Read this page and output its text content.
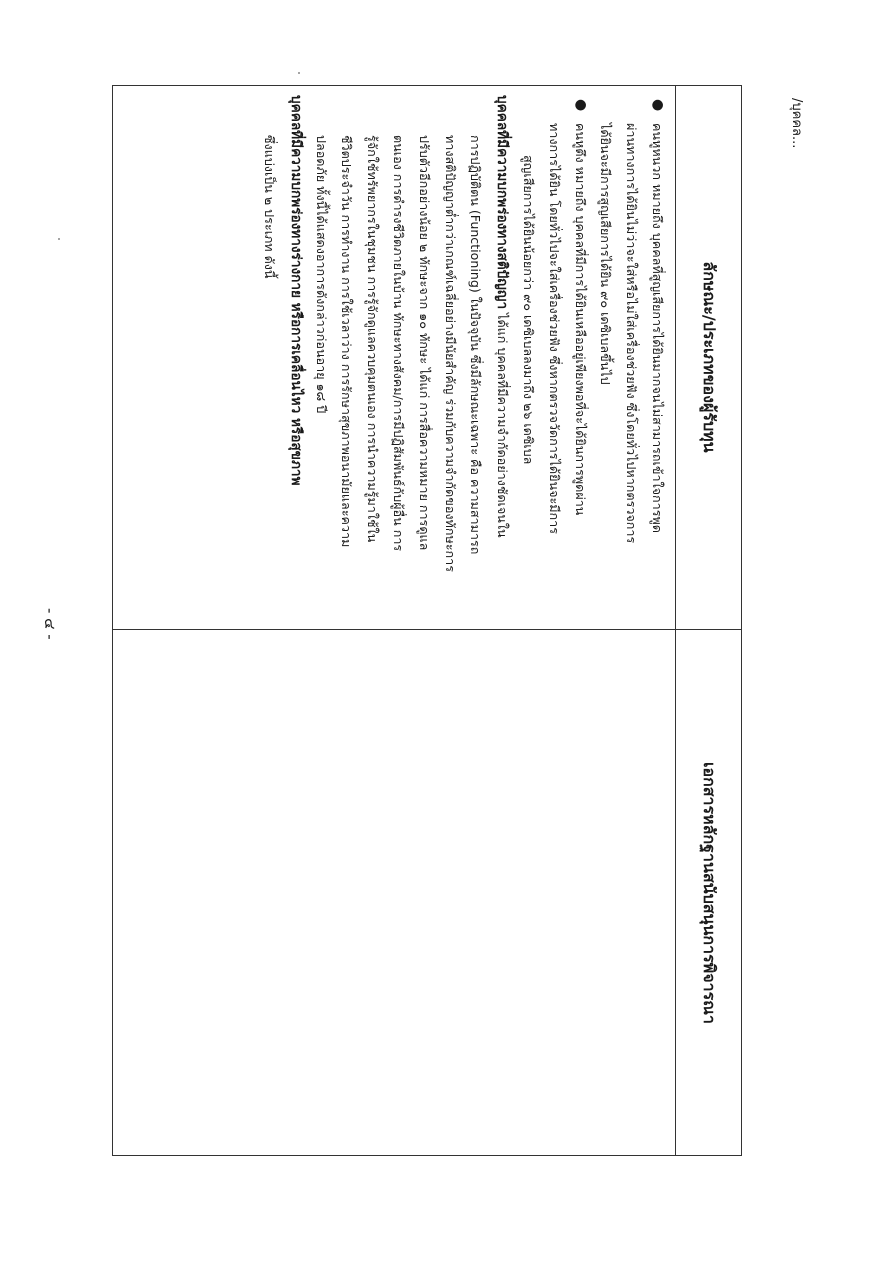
- ๔ -
/บุคคล...
ลักษณะ/ประเภทของผู้รับทุน
เอกสารหลักฐานสนับสนุนการพิจารณา
●
คนหูหนวก หมายถึง บุคคลที่สูญเสียการได้ยินมากจนไม่สามารถเข้าใจการพูด
ผ่านทางการได้ยินไม่ว่าจะใส่หรือไม่ใส่เครื่องช่วยฟัง ซึ่งโดยทั่วไปหากตรวจการ
ได้ยินจะมีการสูญเสียการได้ยิน ๙๐ เดซิเบลขึ้นไป
●
คนหูตึง หมายถึง บุคคลที่มีการได้ยินเหลืออยู่เพียงพอที่จะได้ยินการพูดผ่าน
ทางการได้ยิน โดยทั่วไปจะใส่เครื่องช่วยฟัง ซึ่งหากตรวจวัดการได้ยินจะมีการ
สูญเสียการได้ยินน้อยกว่า ๙๐ เดซิเบลลงมาถึง ๒๖ เดซิเบล
บุคคลที่มีความบกพร่องทางสติปัญญา ได้แก่ บุคคลที่มีความจำกัดอย่างชัดเจนใน
การปฏิบัติตน (Functioning) ในปัจจุบัน ซึ่งมีลักษณะเฉพาะ คือ ความสามารถ
ทางสติปัญญาต่ำกว่าเกณฑ์เฉลี่ยอย่างมีนัยสำคัญ ร่วมกับความจำกัดของทักษะการ
ปรับตัวอีกอย่างน้อย ๒ ทักษะจาก ๑๐ ทักษะ ได้แก่ การสื่อความหมาย การดูแล
ตนเอง การดำรงชีวิตภายในบ้าน ทักษะทางสังคม/การมีปฏิสัมพันธ์กับผู้อื่น การ
รู้จักใช้ทรัพยากรในชุมชน การรู้จักดูแลควบคุมตนเอง การนำความรู้มาใช้ใน
ชีวิตประจำวัน การทำงาน การใช้เวลาว่าง การรักษาสุขภาพอนามัยและความ
ปลอดภัย ทั้งนี้ได้แสดงอาการดังกล่าวก่อนอายุ ๑๘ ปี
บุคคลที่มีความบกพร่องทางร่างกาย หรือการเคลื่อนไหว หรือสุขภาพ
ซึ่งแบ่งเป็น ๒ ประเภท ดังนี้
